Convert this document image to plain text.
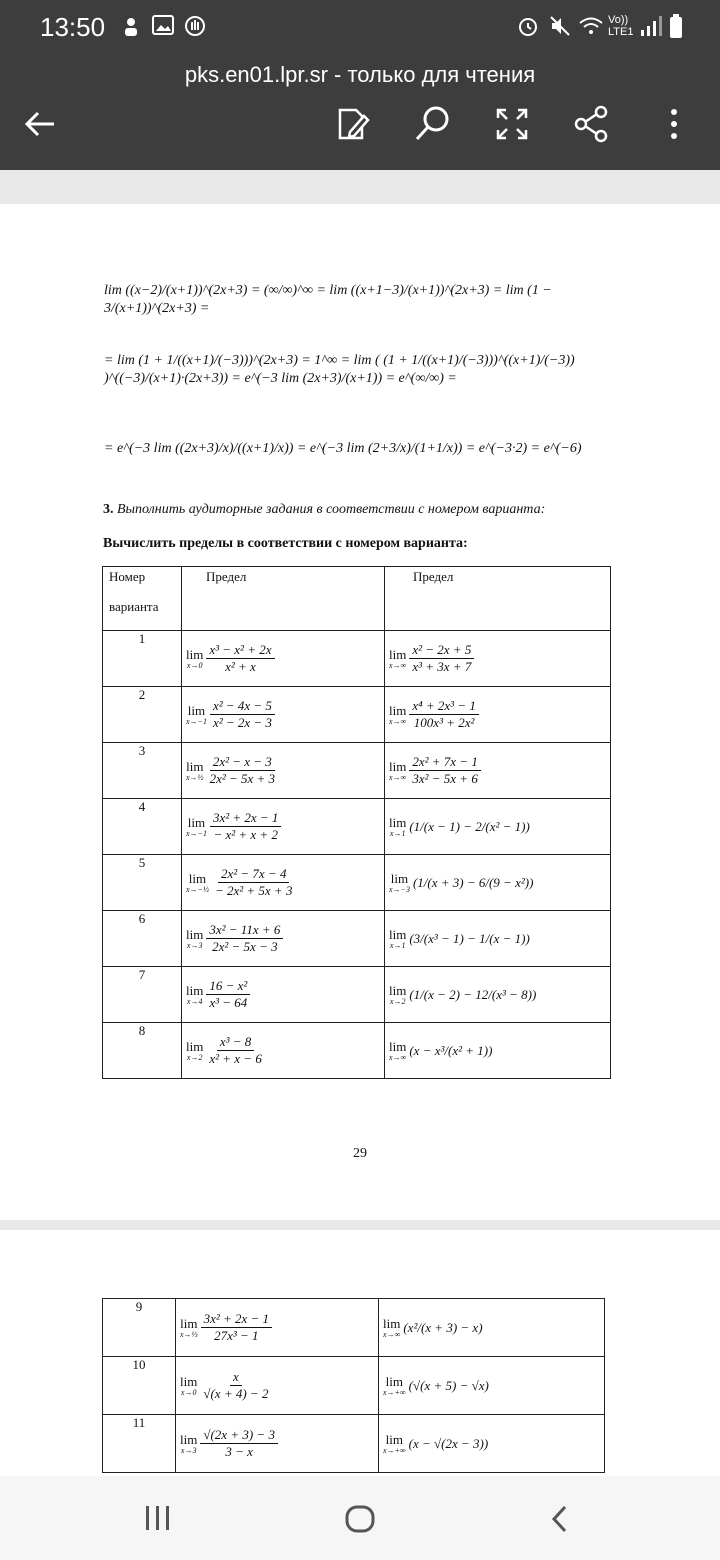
13:50	Vo)) LTE1
pks.en01.lpr.sr - только для чтения
lim ((x−2)/(x+1))^(2x+3) = (∞/∞)^∞ = lim ((x+1−3)/(x+1))^(2x+3) = lim (1 − 3/(x+1))^(2x+3) =
= lim (1 + 1/((x+1)/(−3)))^(2x+3) = 1^∞ = lim ( (1 + 1/((x+1)/(−3)))^((x+1)/(−3)) )^((−3)/(x+1)·(2x+3)) = e^(−3 lim (2x+3)/(x+1)) = e^(∞/∞) =
= e^(−3 lim ((2x+3)/x)/((x+1)/x)) = e^(−3 lim (2+3/x)/(1+1/x)) = e^(−3·2) = e^(−6)
3. Выполнить аудиторные задания в соответствии с номером варианта:
Вычислить пределы в соответствии с номером варианта:
Номер
варианта	Предел	Предел
1	lim
$x\to 0 \frac{\text{x³ − x² + 2x}}{\text{x² + x}}$	lim
$x\to\infty \frac{\text{x² − 2x + 5}}{\text{x³ + 3x + 7}}$

2	lim
$x\to-1 \frac{\text{x² − 4x − 5}}{\text{x² − 2x − 3}}$	lim
$x\to\infty \frac{\text{x⁴ + 2x³ − 1}}{\text{100x³ + 2x²}}$

3	lim
x→½ $\frac{\text{2x² − x − 3}}{\text{2x² − 5x + 3}}$	lim
$x\to\infty \frac{\text{2x² + 7x − 1}}{\text{3x² − 5x + 6}}$

4	lim
$x\to-1 \frac{\text{3x² + 2x − 1}}{\text{− x² + x + 2}}$	lim
x→1 (1/(x − 1) − 2/(x² − 1))

5	lim
x→−½ $\frac{\text{2x² − 7x − 4}}{\text{− 2x² + 5x + 3}}$	lim
x→−3 (1/(x + 3) − 6/(9 − x²))

6	lim
$x\to 3 \frac{\text{3x² − 11x + 6}}{\text{2x² − 5x − 3}}$	lim
x→1 (3/(x³ − 1) − 1/(x − 1))

7	lim
$x\to 4 \frac{\text{16 − x²}}{\text{x³ − 64}}$	lim
x→2 (1/(x − 2) − 12/(x³ − 8))

8	lim
$x\to 2 \frac{\text{x³ − 8}}{\text{x² + x − 6}}$	lim
x→∞ (x − x³/(x² + 1))
29
9	lim
x→⅓ $\frac{\text{3x² + 2x − 1}}{\text{27x³ − 1}}$	lim
x→∞ (x²/(x + 3) − x)

10	lim
$x\to 0 \frac{x}{√(x + 4) - 2}$	lim
x→+∞ (√(x + 5) − √x)

11	lim
$x\to 3 \frac{√(2x + 3) - 3}{3 - x}$	lim
x→+∞ (x − √(2x − 3))
